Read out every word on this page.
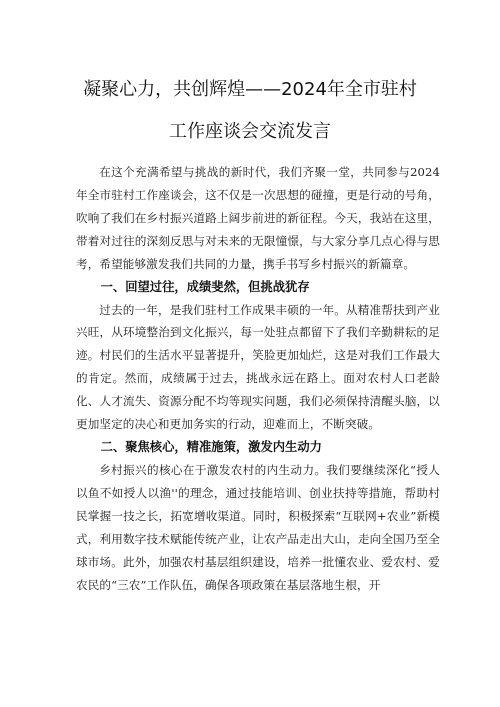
凝聚心力，共创辉煌——2024年全市驻村
工作座谈会交流发言

在这个充满希望与挑战的新时代，我们齐聚一堂，共同参与2024年全市驻村工作座谈会，这不仅是一次思想的碰撞，更是行动的号角，吹响了我们在乡村振兴道路上阔步前进的新征程。今天，我站在这里，带着对过往的深刻反思与对未来的无限憧憬，与大家分享几点心得与思考，希望能够激发我们共同的力量，携手书写乡村振兴的新篇章。

一、回望过往，成绩斐然，但挑战犹存

过去的一年，是我们驻村工作成果丰硕的一年。从精准帮扶到产业兴旺，从环境整治到文化振兴，每一处驻点都留下了我们辛勤耕耘的足迹。村民们的生活水平显著提升，笑脸更加灿烂，这是对我们工作最大的肯定。然而，成绩属于过去，挑战永远在路上。面对农村人口老龄化、人才流失、资源分配不均等现实问题，我们必须保持清醒头脑，以更加坚定的决心和更加务实的行动，迎难而上，不断突破。

二、聚焦核心，精准施策，激发内生动力

乡村振兴的核心在于激发农村的内生动力。我们要继续深化“授人以鱼不如授人以渔''的理念，通过技能培训、创业扶持等措施，帮助村民掌握一技之长，拓宽增收渠道。同时，积极探索“互联网+农业”新模式，利用数字技术赋能传统产业，让农产品走出大山，走向全国乃至全球市场。此外，加强农村基层组织建设，培养一批懂农业、爱农村、爱农民的“三农”工作队伍，确保各项政策在基层落地生根，开
